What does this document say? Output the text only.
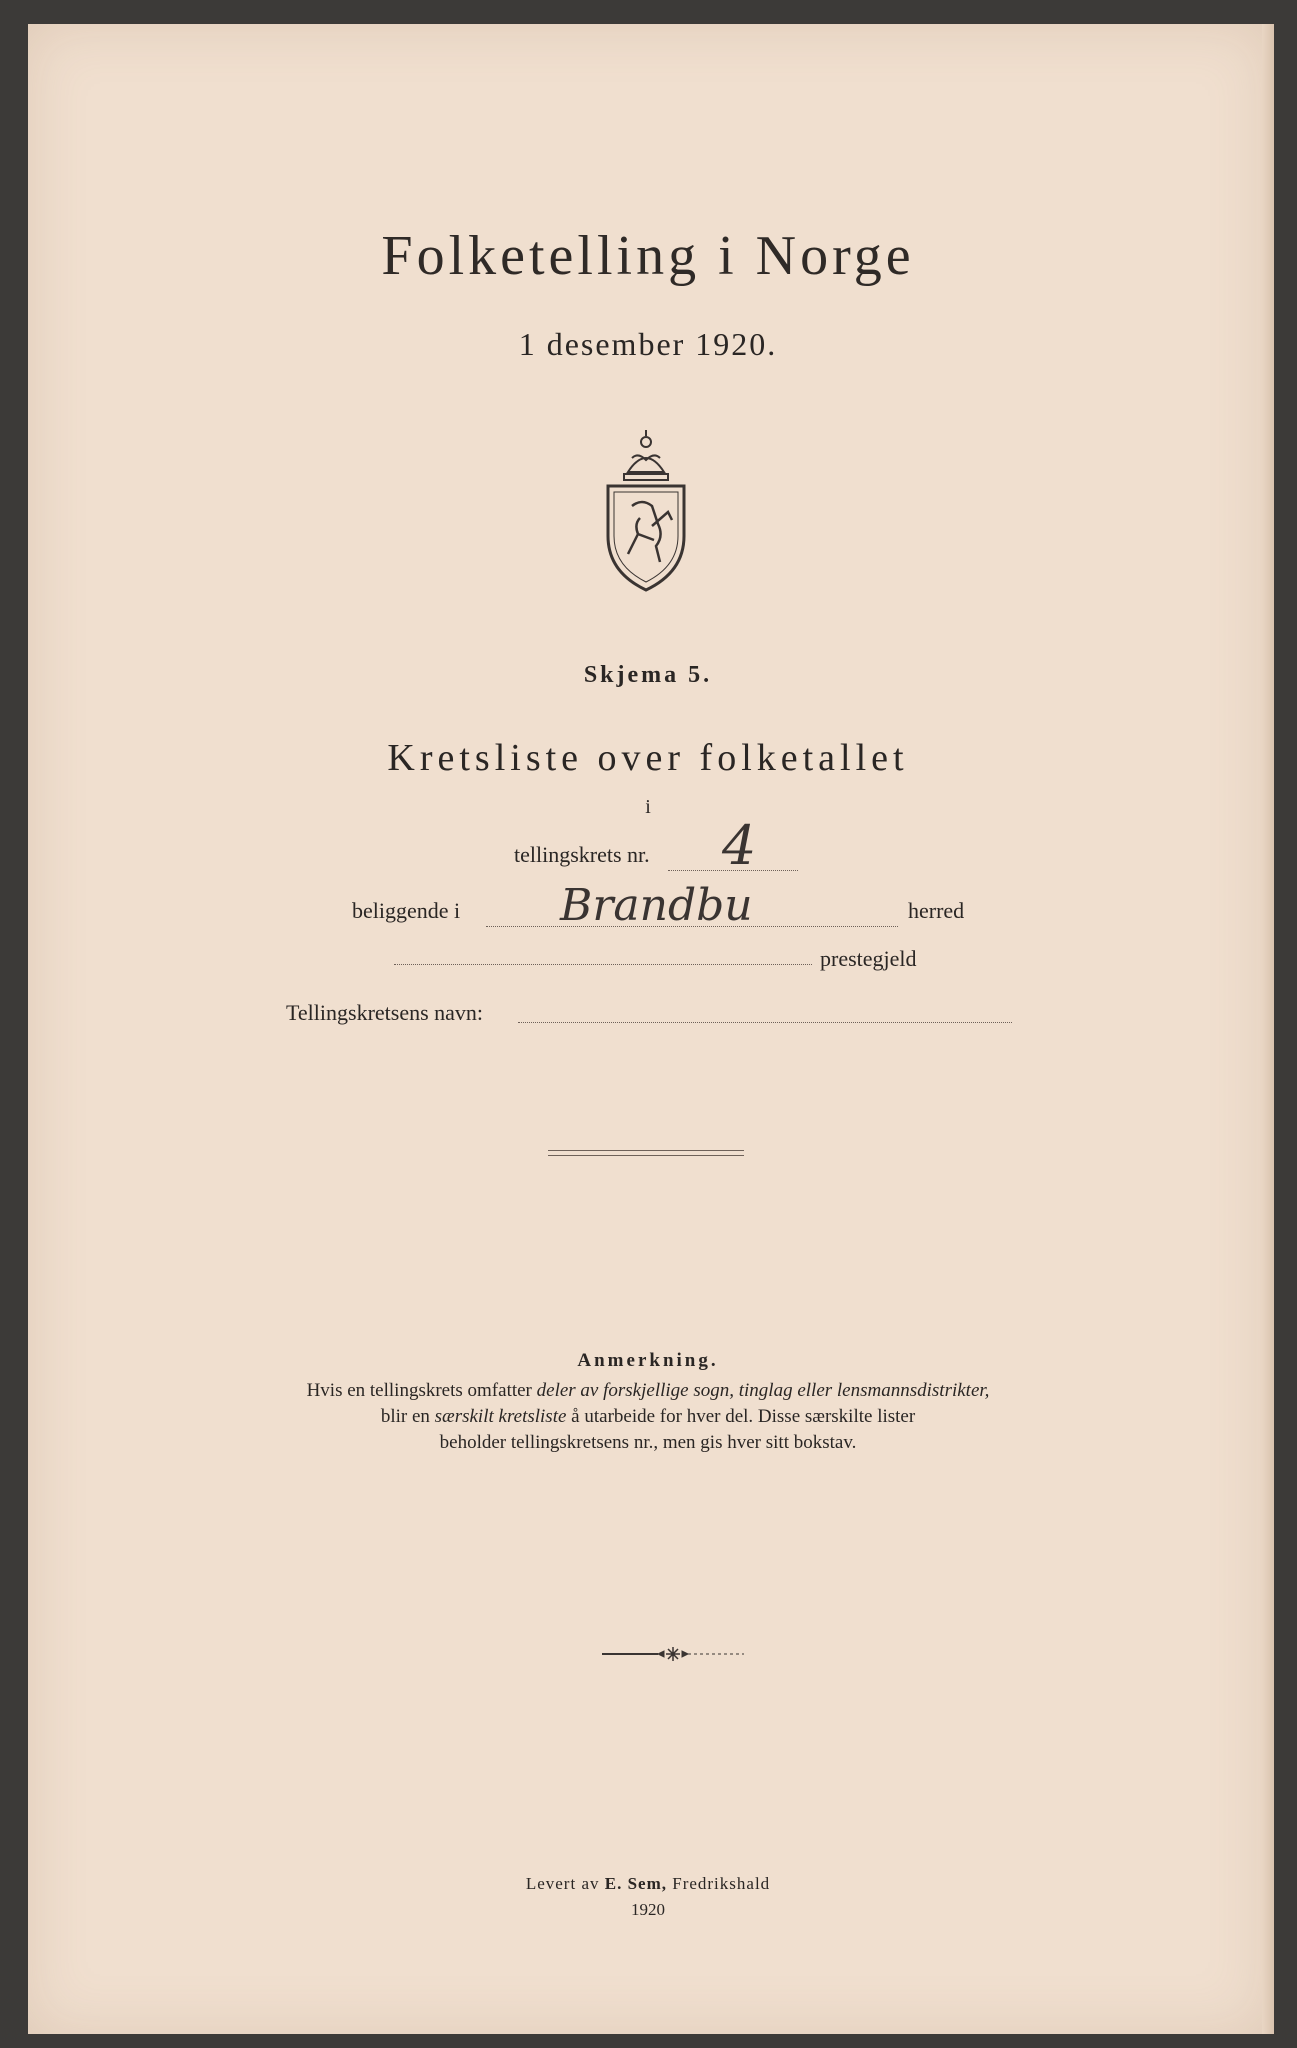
Folketelling i Norge
1 desember 1920.
Skjema 5.
Kretsliste over folketallet
i
tellingskrets nr. 4
beliggende i Brandbu	herred
prestegjeld
Tellingskretsens navn:
Anmerkning.
Hvis en tellingskrets omfatter deler av forskjellige sogn, tinglag eller lensmannsdistrikter,
blir en særskilt kretsliste å utarbeide for hver del. Disse særskilte lister
beholder tellingskretsens nr., men gis hver sitt bokstav.
Levert av E. Sem, Fredrikshald
1920
